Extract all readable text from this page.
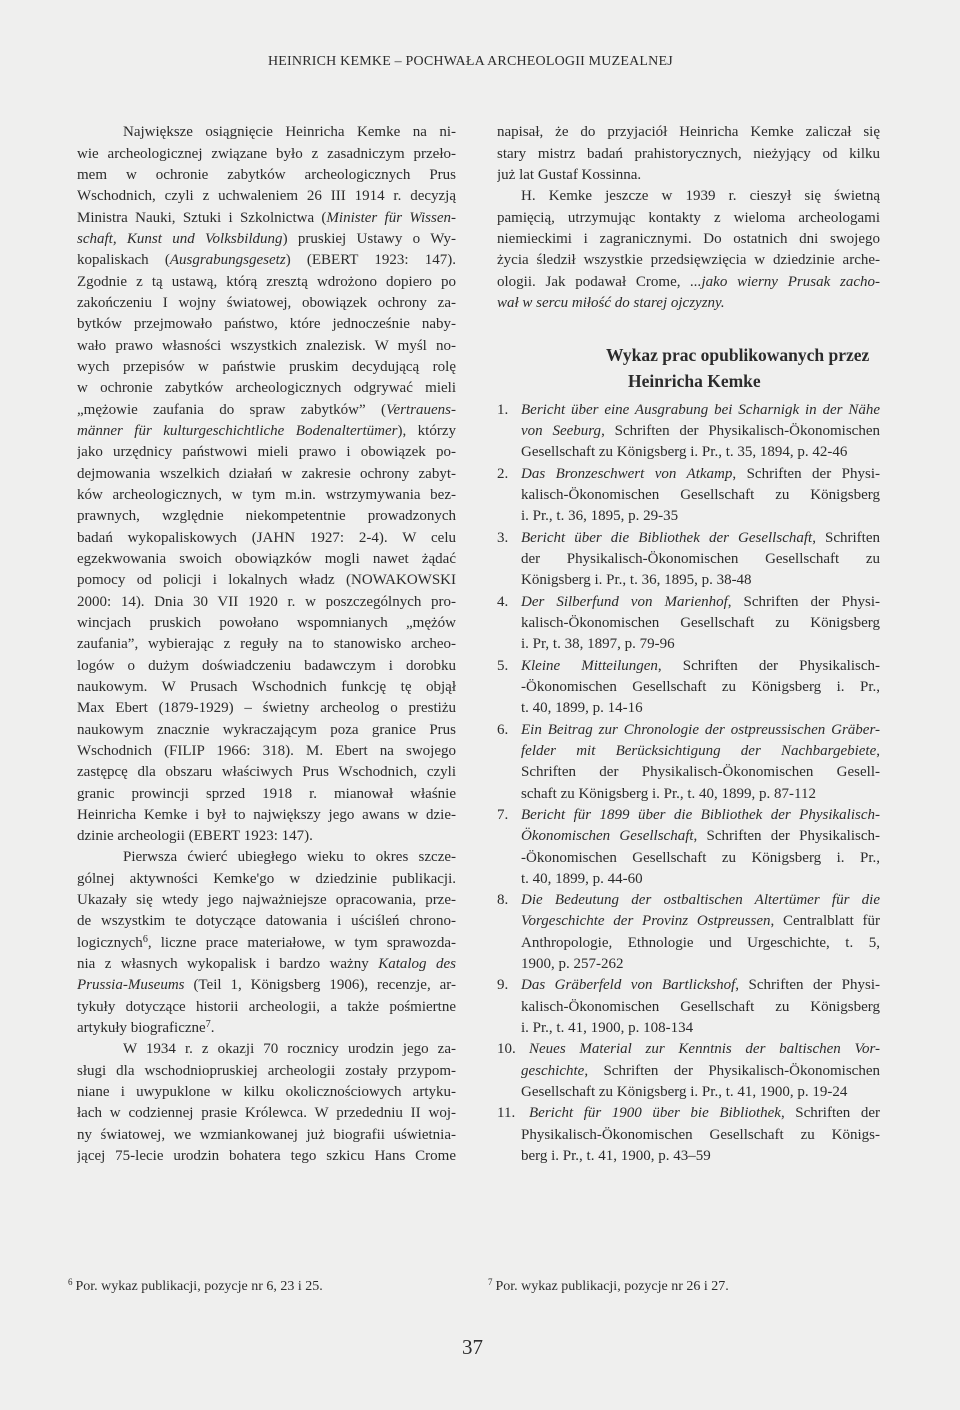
HEINRICH KEMKE – POCHWAŁA ARCHEOLOGII MUZEALNEJ
Największe osiągnięcie Heinricha Kemke na ni-
wie archeologicznej związane było z zasadniczym przeło-
mem w ochronie zabytków archeologicznych Prus
Wschodnich, czyli z uchwaleniem 26 III 1914 r. decyzją
Ministra Nauki, Sztuki i Szkolnictwa (Minister für Wissen-
schaft, Kunst und Volksbildung) pruskiej Ustawy o Wy-
kopaliskach (Ausgrabungsgesetz) (EBERT 1923: 147).
Zgodnie z tą ustawą, którą zresztą wdrożono dopiero po
zakończeniu I wojny światowej, obowiązek ochrony za-
bytków przejmowało państwo, które jednocześnie naby-
wało prawo własności wszystkich znalezisk. W myśl no-
wych przepisów w państwie pruskim decydującą rolę
w ochronie zabytków archeologicznych odgrywać mieli
„mężowie zaufania do spraw zabytków” (Vertrauens-
männer für kulturgeschichtliche Bodenaltertümer), którzy
jako urzędnicy państwowi mieli prawo i obowiązek po-
dejmowania wszelkich działań w zakresie ochrony zabyt-
ków archeologicznych, w tym m.in. wstrzymywania bez-
prawnych, względnie niekompetentnie prowadzonych
badań wykopaliskowych (JAHN 1927: 2-4). W celu
egzekwowania swoich obowiązków mogli nawet żądać
pomocy od policji i lokalnych władz (NOWAKOWSKI
2000: 14). Dnia 30 VII 1920 r. w poszczególnych pro-
wincjach pruskich powołano wspomnianych „mężów
zaufania”, wybierając z reguły na to stanowisko archeo-
logów o dużym doświadczeniu badawczym i dorobku
naukowym. W Prusach Wschodnich funkcję tę objął
Max Ebert (1879-1929) – świetny archeolog o prestiżu
naukowym znacznie wykraczającym poza granice Prus
Wschodnich (FILIP 1966: 318). M. Ebert na swojego
zastępcę dla obszaru właściwych Prus Wschodnich, czyli
granic prowincji sprzed 1918 r. mianował właśnie
Heinricha Kemke i był to największy jego awans w dzie-
dzinie archeologii (EBERT 1923: 147).
Pierwsza ćwierć ubiegłego wieku to okres szcze-
gólnej aktywności Kemke'go w dziedzinie publikacji.
Ukazały się wtedy jego najważniejsze opracowania, prze-
de wszystkim te dotyczące datowania i uściśleń chrono-
logicznych$^6$, liczne prace materiałowe, w tym sprawozda-
nia z własnych wykopalisk i bardzo ważny Katalog des
Prussia-Museums (Teil 1, Königsberg 1906), recenzje, ar-
tykuły dotyczące historii archeologii, a także pośmiertne
artykuły biograficzne$^7$.
W 1934 r. z okazji 70 rocznicy urodzin jego za-
sługi dla wschodniopruskiej archeologii zostały przypom-
niane i uwypuklone w kilku okolicznościowych artyku-
łach w codziennej prasie Królewca. W przededniu II woj-
ny światowej, we wzmiankowanej już biografii uświetnia-
jącej 75-lecie urodzin bohatera tego szkicu Hans Crome
napisał, że do przyjaciół Heinricha Kemke zaliczał się
stary mistrz badań prahistorycznych, nieżyjący od kilku
już lat Gustaf Kossinna.
H. Kemke jeszcze w 1939 r. cieszył się świetną
pamięcią, utrzymując kontakty z wieloma archeologami
niemieckimi i zagranicznymi. Do ostatnich dni swojego
życia śledził wszystkie przedsięwzięcia w dziedzinie arche-
ologii. Jak podawał Crome, ...jako wierny Prusak zacho-
wał w sercu miłość do starej ojczyzny.
Wykaz prac opublikowanych przez
Heinricha Kemke
1. Bericht über eine Ausgrabung bei Scharnigk in der Nähe
von Seeburg, Schriften der Physikalisch-Ökonomischen
Gesellschaft zu Königsberg i. Pr., t. 35, 1894, p. 42-46
2. Das Bronzeschwert von Atkamp, Schriften der Physi-
kalisch-Ökonomischen Gesellschaft zu Königsberg
i. Pr., t. 36, 1895, p. 29-35
3. Bericht über die Bibliothek der Gesellschaft, Schriften
der Physikalisch-Ökonomischen Gesellschaft zu
Königsberg i. Pr., t. 36, 1895, p. 38-48
4. Der Silberfund von Marienhof, Schriften der Physi-
kalisch-Ökonomischen Gesellschaft zu Königsberg
i. Pr, t. 38, 1897, p. 79-96
5. Kleine Mitteilungen, Schriften der Physikalisch-
-Ökonomischen Gesellschaft zu Königsberg i. Pr.,
t. 40, 1899, p. 14-16
6. Ein Beitrag zur Chronologie der ostpreussischen Gräber-
felder mit Berücksichtigung der Nachbargebiete,
Schriften der Physikalisch-Ökonomischen Gesell-
schaft zu Königsberg i. Pr., t. 40, 1899, p. 87-112
7. Bericht für 1899 über die Bibliothek der Physikalisch-
Ökonomischen Gesellschaft, Schriften der Physikalisch-
-Ökonomischen Gesellschaft zu Königsberg i. Pr.,
t. 40, 1899, p. 44-60
8. Die Bedeutung der ostbaltischen Altertümer für die
Vorgeschichte der Provinz Ostpreussen, Centralblatt für
Anthropologie, Ethnologie und Urgeschichte, t. 5,
1900, p. 257-262
9. Das Gräberfeld von Bartlickshof, Schriften der Physi-
kalisch-Ökonomischen Gesellschaft zu Königsberg
i. Pr., t. 41, 1900, p. 108-134
10. Neues Material zur Kenntnis der baltischen Vor-
geschichte, Schriften der Physikalisch-Ökonomischen
Gesellschaft zu Königsberg i. Pr., t. 41, 1900, p. 19-24
11. Bericht für 1900 über bie Bibliothek, Schriften der
Physikalisch-Ökonomischen Gesellschaft zu Königs-
berg i. Pr., t. 41, 1900, p. 43–59
$^6$ Por. wykaz publikacji, pozycje nr 6, 23 i 25.	$^7$ Por. wykaz publikacji, pozycje nr 26 i 27.
37
